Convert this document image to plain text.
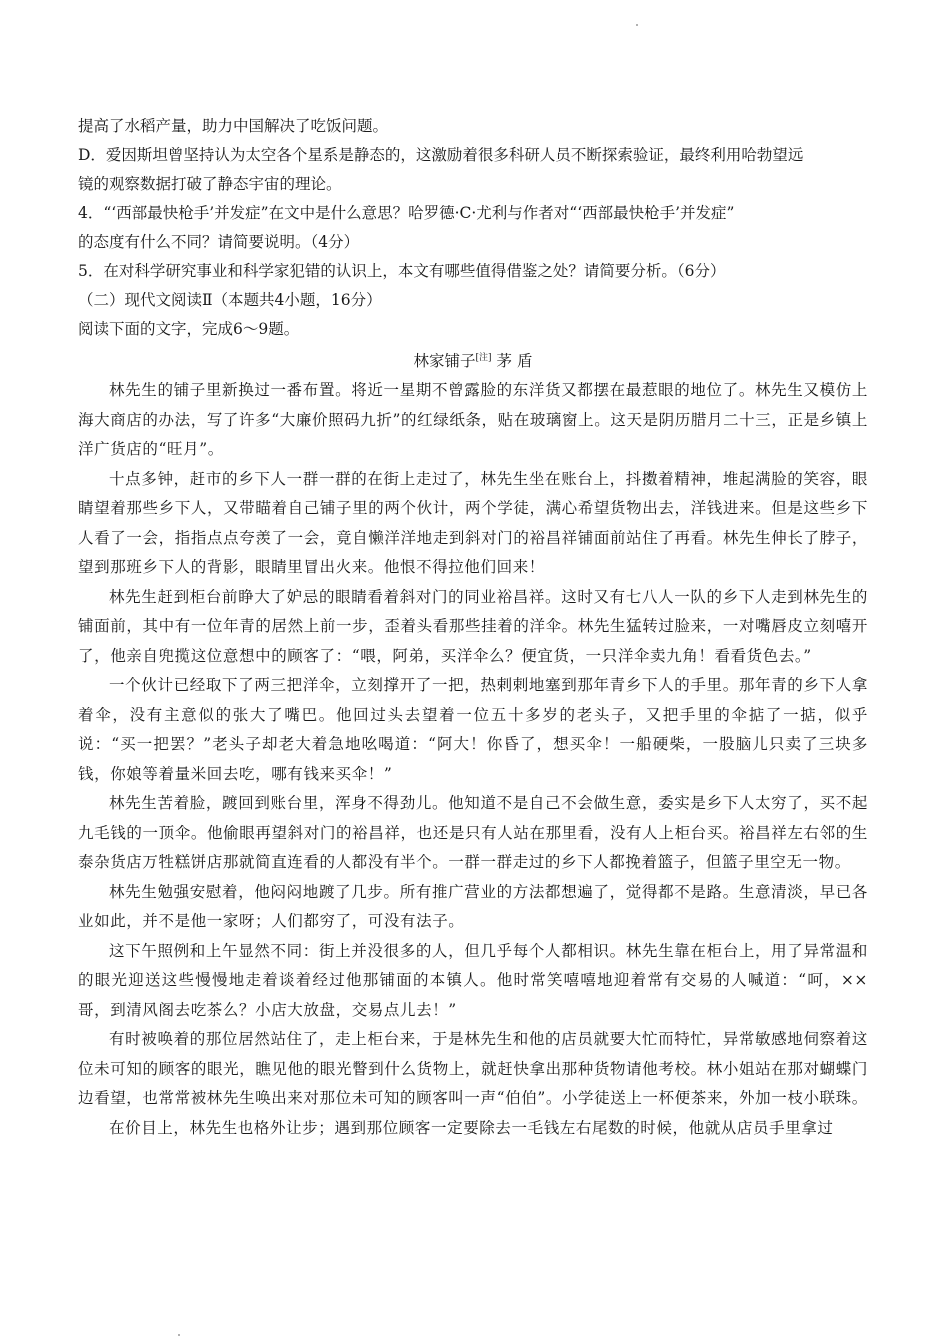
提高了水稻产量，助力中国解决了吃饭问题。
D．爱因斯坦曾坚持认为太空各个星系是静态的，这激励着很多科研人员不断探索验证，最终利用哈勃望远
镜的观察数据打破了静态宇宙的理论。
4．“‘西部最快枪手’并发症”在文中是什么意思？哈罗德·C·尤利与作者对“‘西部最快枪手’并发症”
的态度有什么不同？请简要说明。（4分）
5．在对科学研究事业和科学家犯错的认识上，本文有哪些值得借鉴之处？请简要分析。（6分）
（二）现代文阅读Ⅱ（本题共4小题，16分）
阅读下面的文字，完成6～9题。

林家铺子[注] 茅 盾

林先生的铺子里新换过一番布置。将近一星期不曾露脸的东洋货又都摆在最惹眼的地位了。林先生又模仿上海大商店的办法，写了许多“大廉价照码九折”的红绿纸条，贴在玻璃窗上。这天是阴历腊月二十三，正是乡镇上洋广货店的“旺月”。

十点多钟，赶市的乡下人一群一群的在街上走过了，林先生坐在账台上，抖擞着精神，堆起满脸的笑容，眼睛望着那些乡下人，又带瞄着自己铺子里的两个伙计，两个学徒，满心希望货物出去，洋钱进来。但是这些乡下人看了一会，指指点点夸羡了一会，竟自懒洋洋地走到斜对门的裕昌祥铺面前站住了再看。林先生伸长了脖子，望到那班乡下人的背影，眼睛里冒出火来。他恨不得拉他们回来！

林先生赶到柜台前睁大了妒忌的眼睛看着斜对门的同业裕昌祥。这时又有七八人一队的乡下人走到林先生的铺面前，其中有一位年青的居然上前一步，歪着头看那些挂着的洋伞。林先生猛转过脸来，一对嘴唇皮立刻嘻开了，他亲自兜揽这位意想中的顾客了：“喂，阿弟，买洋伞么？便宜货，一只洋伞卖九角！看看货色去。”

一个伙计已经取下了两三把洋伞，立刻撑开了一把，热剌剌地塞到那年青乡下人的手里。那年青的乡下人拿着伞，没有主意似的张大了嘴巴。他回过头去望着一位五十多岁的老头子，又把手里的伞掂了一掂，似乎说：“买一把罢？”老头子却老大着急地吆喝道：“阿大！你昏了，想买伞！一船硬柴，一股脑儿只卖了三块多钱，你娘等着量米回去吃，哪有钱来买伞！”

林先生苦着脸，踱回到账台里，浑身不得劲儿。他知道不是自己不会做生意，委实是乡下人太穷了，买不起九毛钱的一顶伞。他偷眼再望斜对门的裕昌祥，也还是只有人站在那里看，没有人上柜台买。裕昌祥左右邻的生泰杂货店万牲糕饼店那就简直连看的人都没有半个。一群一群走过的乡下人都挽着篮子，但篮子里空无一物。

林先生勉强安慰着，他闷闷地踱了几步。所有推广营业的方法都想遍了，觉得都不是路。生意清淡，早已各业如此，并不是他一家呀；人们都穷了，可没有法子。

这下午照例和上午显然不同：街上并没很多的人，但几乎每个人都相识。林先生靠在柜台上，用了异常温和的眼光迎送这些慢慢地走着谈着经过他那铺面的本镇人。他时常笑嘻嘻地迎着常有交易的人喊道：“呵，××哥，到清风阁去吃茶么？小店大放盘，交易点儿去！”

有时被唤着的那位居然站住了，走上柜台来，于是林先生和他的店员就要大忙而特忙，异常敏感地伺察着这位未可知的顾客的眼光，瞧见他的眼光瞥到什么货物上，就赶快拿出那种货物请他考校。林小姐站在那对蝴蝶门边看望，也常常被林先生唤出来对那位未可知的顾客叫一声“伯伯”。小学徒送上一杯便茶来，外加一枝小联珠。

在价目上，林先生也格外让步；遇到那位顾客一定要除去一毛钱左右尾数的时候，他就从店员手里拿过
